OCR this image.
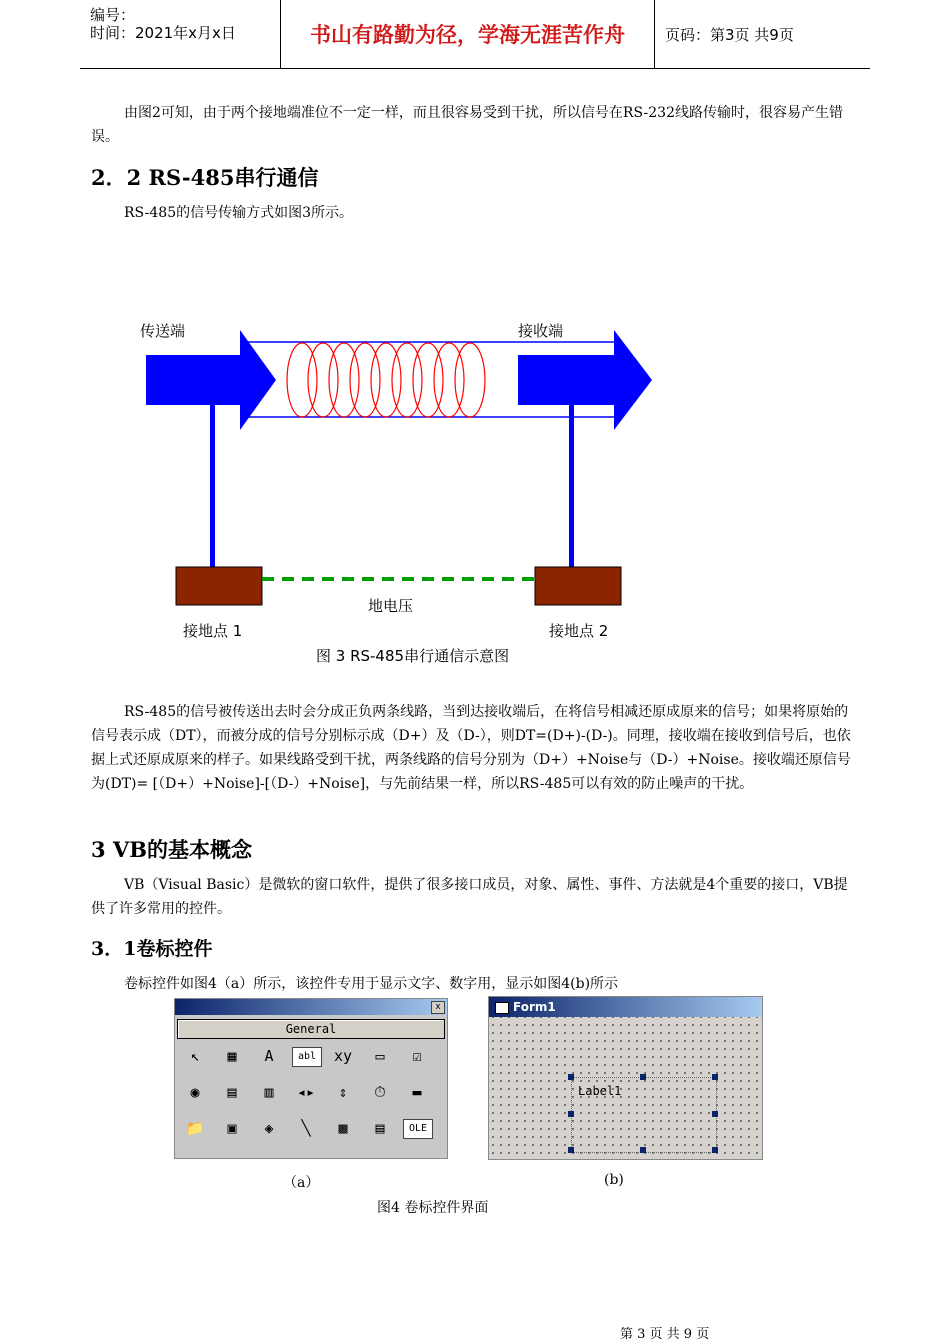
编号：
时间：2021年x月x日	书山有路勤为径，学海无涯苦作舟	页码：第3页 共9页
由图2可知，由于两个接地端准位不一定一样，而且很容易受到干扰，所以信号在RS-232线路传输时，很容易产生错误。
2．2 RS-485串行通信
RS-485的信号传输方式如图3所示。
传送端	接收端
地电压
接地点 1	接地点 2
图 3 RS-485串行通信示意图
RS-485的信号被传送出去时会分成正负两条线路，当到达接收端后，在将信号相减还原成原来的信号；如果将原始的信号表示成（DT），而被分成的信号分别标示成（D+）及（D-），则DT=(D+)-(D-)。同理，接收端在接收到信号后，也依据上式还原成原来的样子。如果线路受到干扰，两条线路的信号分别为（D+）+Noise与（D-）+Noise。接收端还原信号为(DT)= [（D+）+Noise]-[（D-）+Noise]，与先前结果一样，所以RS-485可以有效的防止噪声的干扰。
3 VB的基本概念
VB（Visual Basic）是微软的窗口软件，提供了很多接口成员，对象、属性、事件、方法就是4个重要的接口，VB提供了许多常用的控件。
3．1卷标控件
卷标控件如图4（a）所示，该控件专用于显示文字、数字用，显示如图4(b)所示
x
General
↖	▦	A	abl	xy	▭	☑
◉	▤	▥	◂▸	⇕	⏱	▬
📁	▣	◈	╲	▩	▤	OLE
Form1
Label1
（a）	(b)
图4 卷标控件界面
第 3 页 共 9 页
